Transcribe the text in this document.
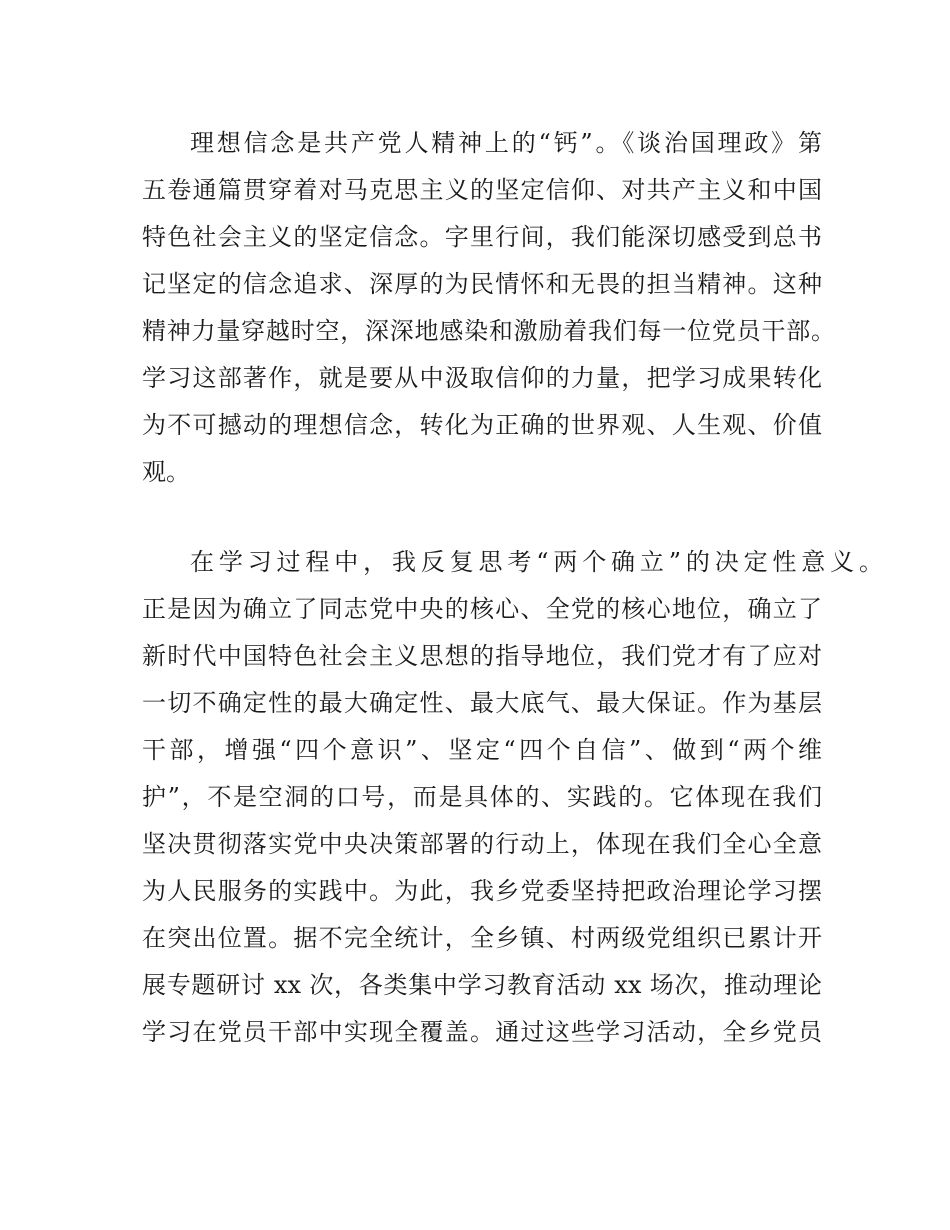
理想信念是共产党人精神上的“钙”。《谈治国理政》第
五卷通篇贯穿着对马克思主义的坚定信仰、对共产主义和中国
特色社会主义的坚定信念。字里行间，我们能深切感受到总书
记坚定的信念追求、深厚的为民情怀和无畏的担当精神。这种
精神力量穿越时空，深深地感染和激励着我们每一位党员干部。
学习这部著作，就是要从中汲取信仰的力量，把学习成果转化
为不可撼动的理想信念，转化为正确的世界观、人生观、价值
观。
在学习过程中，我反复思考“两个确立”的决定性意义。
正是因为确立了同志党中央的核心、全党的核心地位，确立了
新时代中国特色社会主义思想的指导地位，我们党才有了应对
一切不确定性的最大确定性、最大底气、最大保证。作为基层
干部，增强“四个意识”、坚定“四个自信”、做到“两个维
护”，不是空洞的口号，而是具体的、实践的。它体现在我们
坚决贯彻落实党中央决策部署的行动上，体现在我们全心全意
为人民服务的实践中。为此，我乡党委坚持把政治理论学习摆
在突出位置。据不完全统计，全乡镇、村两级党组织已累计开
展专题研讨 xx 次，各类集中学习教育活动 xx 场次，推动理论
学习在党员干部中实现全覆盖。通过这些学习活动，全乡党员
